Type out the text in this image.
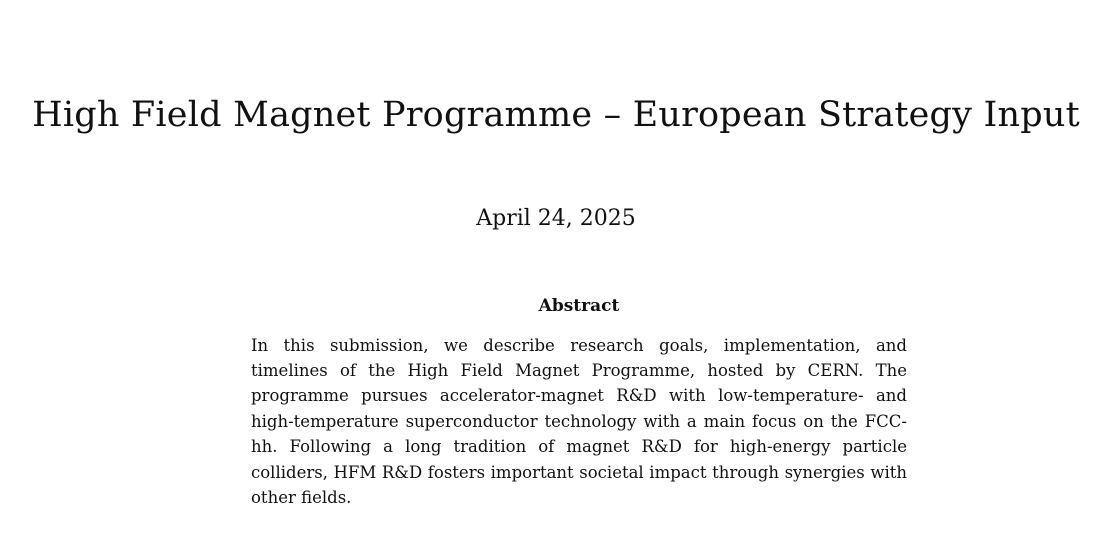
High Field Magnet Programme – European Strategy Input
April 24, 2025
Abstract

In this submission, we describe research goals, implementation, and timelines of the High Field Magnet Programme, hosted by CERN. The programme pursues accelerator-magnet R&D with low-temperature- and high-temperature superconductor technology with a main focus on the FCC-hh. Following a long tradition of magnet R&D for high-energy particle colliders, HFM R&D fosters important societal impact through synergies with other fields.
